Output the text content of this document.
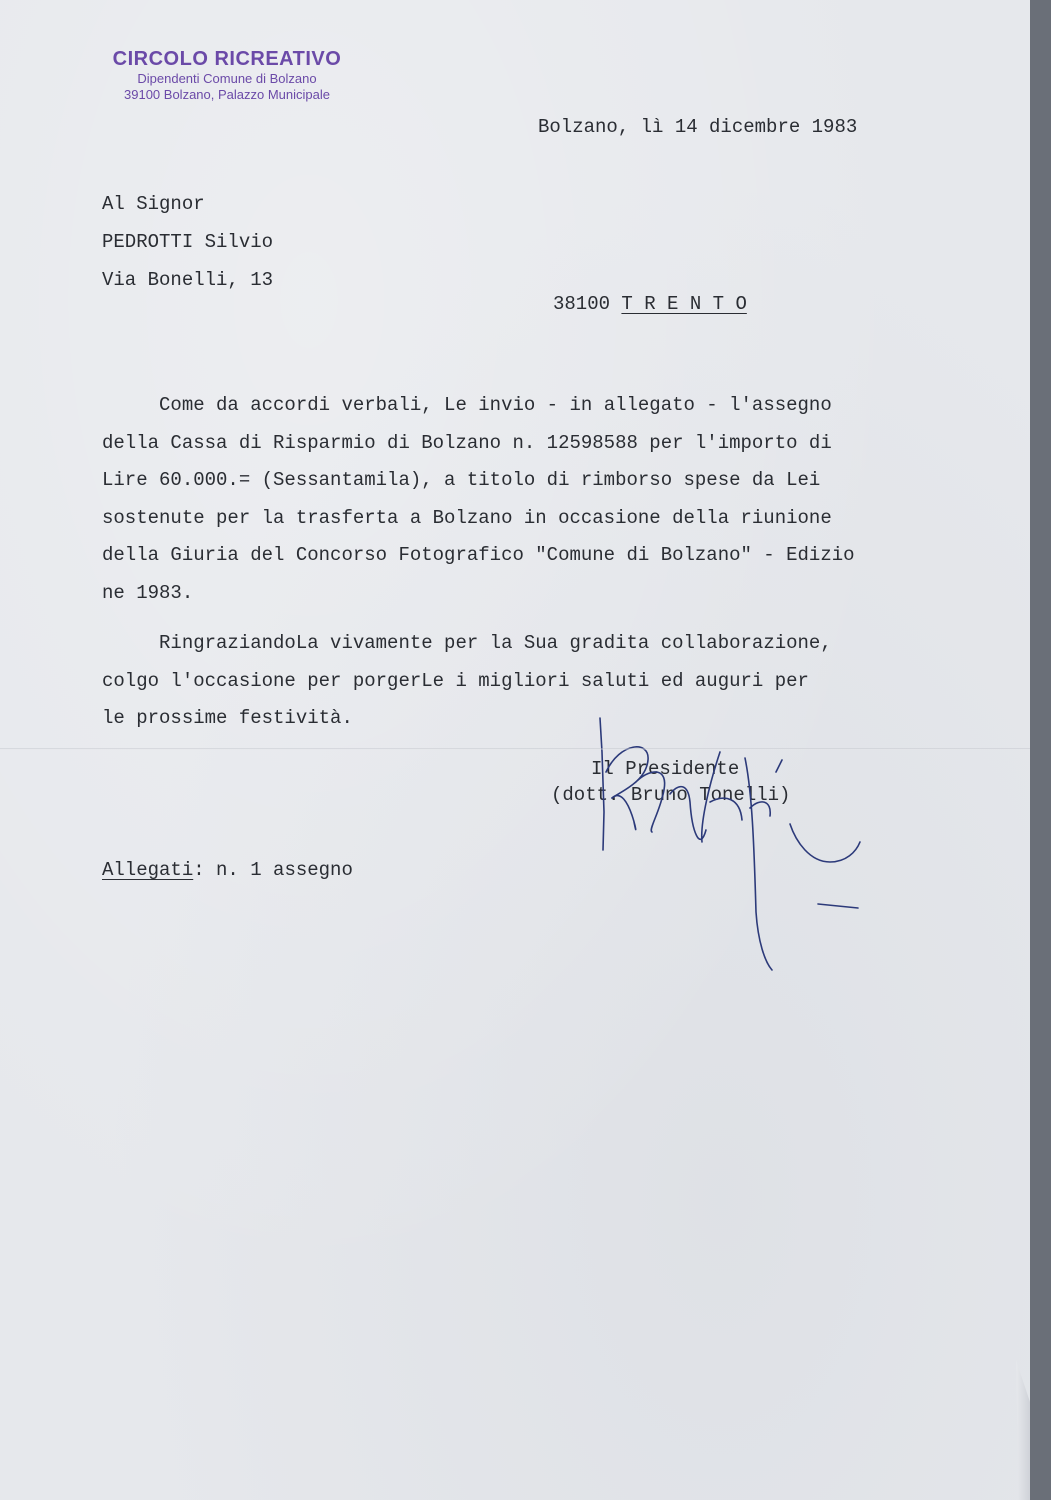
CIRCOLO RICREATIVO
Dipendenti Comune di Bolzano
39100 Bolzano, Palazzo Municipale
Bolzano, lì 14 dicembre 1983
Al Signor
PEDROTTI Silvio
Via Bonelli, 13
38100 T R E N T O
Come da accordi verbali, Le invio - in allegato - l'assegno
della Cassa di Risparmio di Bolzano n. 12598588 per l'importo di
Lire 60.000.= (Sessantamila), a titolo di rimborso spese da Lei
sostenute per la trasferta a Bolzano in occasione della riunione
della Giuria del Concorso Fotografico "Comune di Bolzano" - Edizio
ne 1983.
RingraziandoLa vivamente per la Sua gradita collaborazione,
colgo l'occasione per porgerLe i migliori saluti ed auguri per
le prossime festività.
Il Presidente
(dott. Bruno Tonelli)
Allegati: n. 1 assegno
